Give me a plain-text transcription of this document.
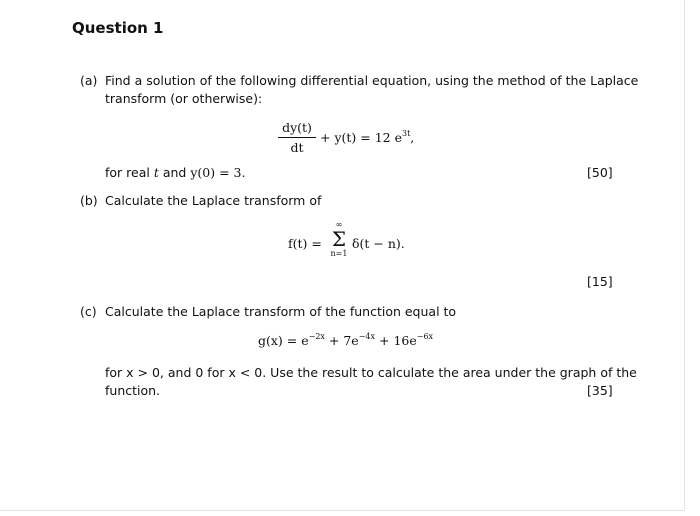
Question 1
(a) Find a solution of the following differential equation, using the method of the Laplace
transform (or otherwise):
$\frac{dy(t)}{dt} + y(t) = 12$ $e^{3t}$,
for real t and y(0) = 3.	[50]
(b) Calculate the Laplace transform of
f(t) =
∞
Σ
n=1
δ(t − n).
[15]
(c) Calculate the Laplace transform of the function equal to
$g(x) = e^{-2x} + 7e^{-4x} + 16e^{-6x}$
for x > 0, and 0 for x < 0. Use the result to calculate the area under the graph of the
function.	[35]
